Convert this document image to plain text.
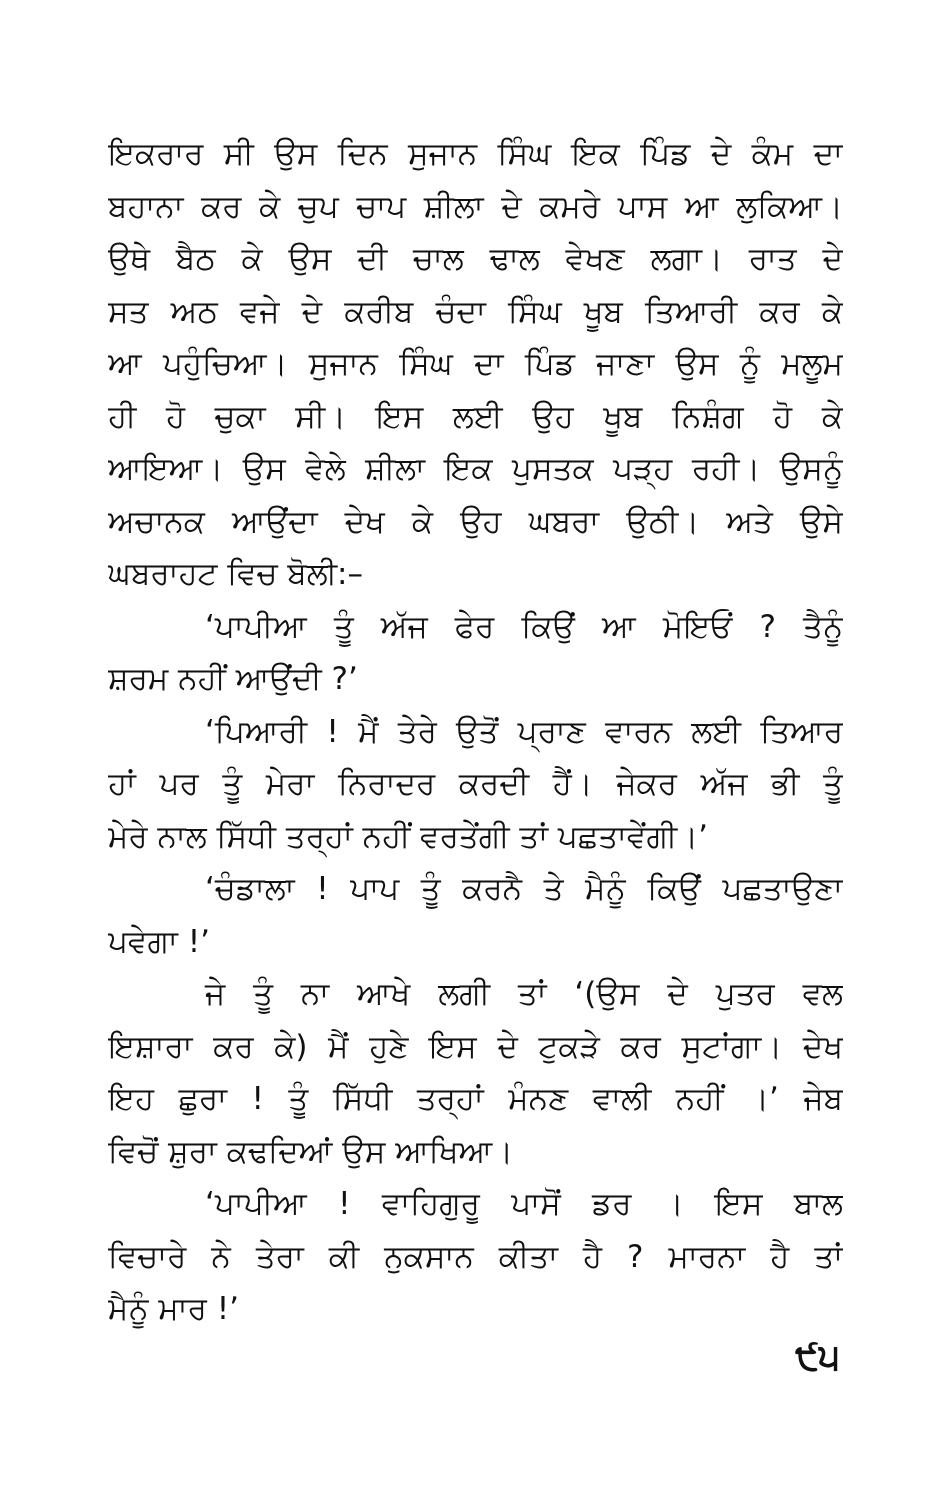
ਇਕਰਾਰ ਸੀ ਉਸ ਦਿਨ ਸੁਜਾਨ ਸਿੰਘ ਇਕ ਪਿੰਡ ਦੇ ਕੰਮ ਦਾ
ਬਹਾਨਾ ਕਰ ਕੇ ਚੁਪ ਚਾਪ ਸ਼ੀਲਾ ਦੇ ਕਮਰੇ ਪਾਸ ਆ ਲੁਕਿਆ।
ਉਥੇ ਬੈਠ ਕੇ ਉਸ ਦੀ ਚਾਲ ਢਾਲ ਵੇਖਣ ਲਗਾ। ਰਾਤ ਦੇ
ਸਤ ਅਠ ਵਜੇ ਦੇ ਕਰੀਬ ਚੰਦਾ ਸਿੰਘ ਖੂਬ ਤਿਆਰੀ ਕਰ ਕੇ
ਆ ਪਹੁੰਚਿਆ। ਸੁਜਾਨ ਸਿੰਘ ਦਾ ਪਿੰਡ ਜਾਣਾ ਉਸ ਨੂੰ ਮਲੂਮ
ਹੀ ਹੋ ਚੁਕਾ ਸੀ। ਇਸ ਲਈ ਉਹ ਖੂਬ ਨਿਸ਼ੰਗ ਹੋ ਕੇ
ਆਇਆ। ਉਸ ਵੇਲੇ ਸ਼ੀਲਾ ਇਕ ਪੁਸਤਕ ਪੜ੍ਹ ਰਹੀ। ਉਸਨੂੰ
ਅਚਾਨਕ ਆਉਂਦਾ ਦੇਖ ਕੇ ਉਹ ਘਬਰਾ ਉਠੀ। ਅਤੇ ਉਸੇ
ਘਬਰਾਹਟ ਵਿਚ ਬੋਲੀ:–
‘ਪਾਪੀਆ ਤੂੰ ਅੱਜ ਫੇਰ ਕਿਉਂ ਆ ਮੋਇਓਂ ? ਤੈਨੂੰ
ਸ਼ਰਮ ਨਹੀਂ ਆਉਂਦੀ ?’
‘ਪਿਆਰੀ ! ਮੈਂ ਤੇਰੇ ਉਤੋਂ ਪ੍ਰਾਣ ਵਾਰਨ ਲਈ ਤਿਆਰ
ਹਾਂ ਪਰ ਤੂੰ ਮੇਰਾ ਨਿਰਾਦਰ ਕਰਦੀ ਹੈਂ। ਜੇਕਰ ਅੱਜ ਭੀ ਤੂੰ
ਮੇਰੇ ਨਾਲ ਸਿੱਧੀ ਤਰ੍ਹਾਂ ਨਹੀਂ ਵਰਤੇਂਗੀ ਤਾਂ ਪਛਤਾਵੇਂਗੀ।’
‘ਚੰਡਾਲਾ ! ਪਾਪ ਤੂੰ ਕਰਨੈ ਤੇ ਮੈਨੂੰ ਕਿਉਂ ਪਛਤਾਉਣਾ
ਪਵੇਗਾ !’
ਜੇ ਤੂੰ ਨਾ ਆਖੇ ਲਗੀ ਤਾਂ ‘(ਉਸ ਦੇ ਪੁਤਰ ਵਲ
ਇਸ਼ਾਰਾ ਕਰ ਕੇ) ਮੈਂ ਹੁਣੇ ਇਸ ਦੇ ਟੁਕੜੇ ਕਰ ਸੁਟਾਂਗਾ। ਦੇਖ
ਇਹ ਛੁਰਾ ! ਤੂੰ ਸਿੱਧੀ ਤਰ੍ਹਾਂ ਮੰਨਣ ਵਾਲੀ ਨਹੀਂ ।’ ਜੇਬ
ਵਿਚੋਂ ਸ਼ੁਰਾ ਕਢਦਿਆਂ ਉਸ ਆਖਿਆ।
‘ਪਾਪੀਆ ! ਵਾਹਿਗੁਰੂ ਪਾਸੋਂ ਡਰ । ਇਸ ਬਾਲ
ਵਿਚਾਰੇ ਨੇ ਤੇਰਾ ਕੀ ਨੁਕਸਾਨ ਕੀਤਾ ਹੈ ? ਮਾਰਨਾ ਹੈ ਤਾਂ
ਮੈਨੂੰ ਮਾਰ !’
੯੫
